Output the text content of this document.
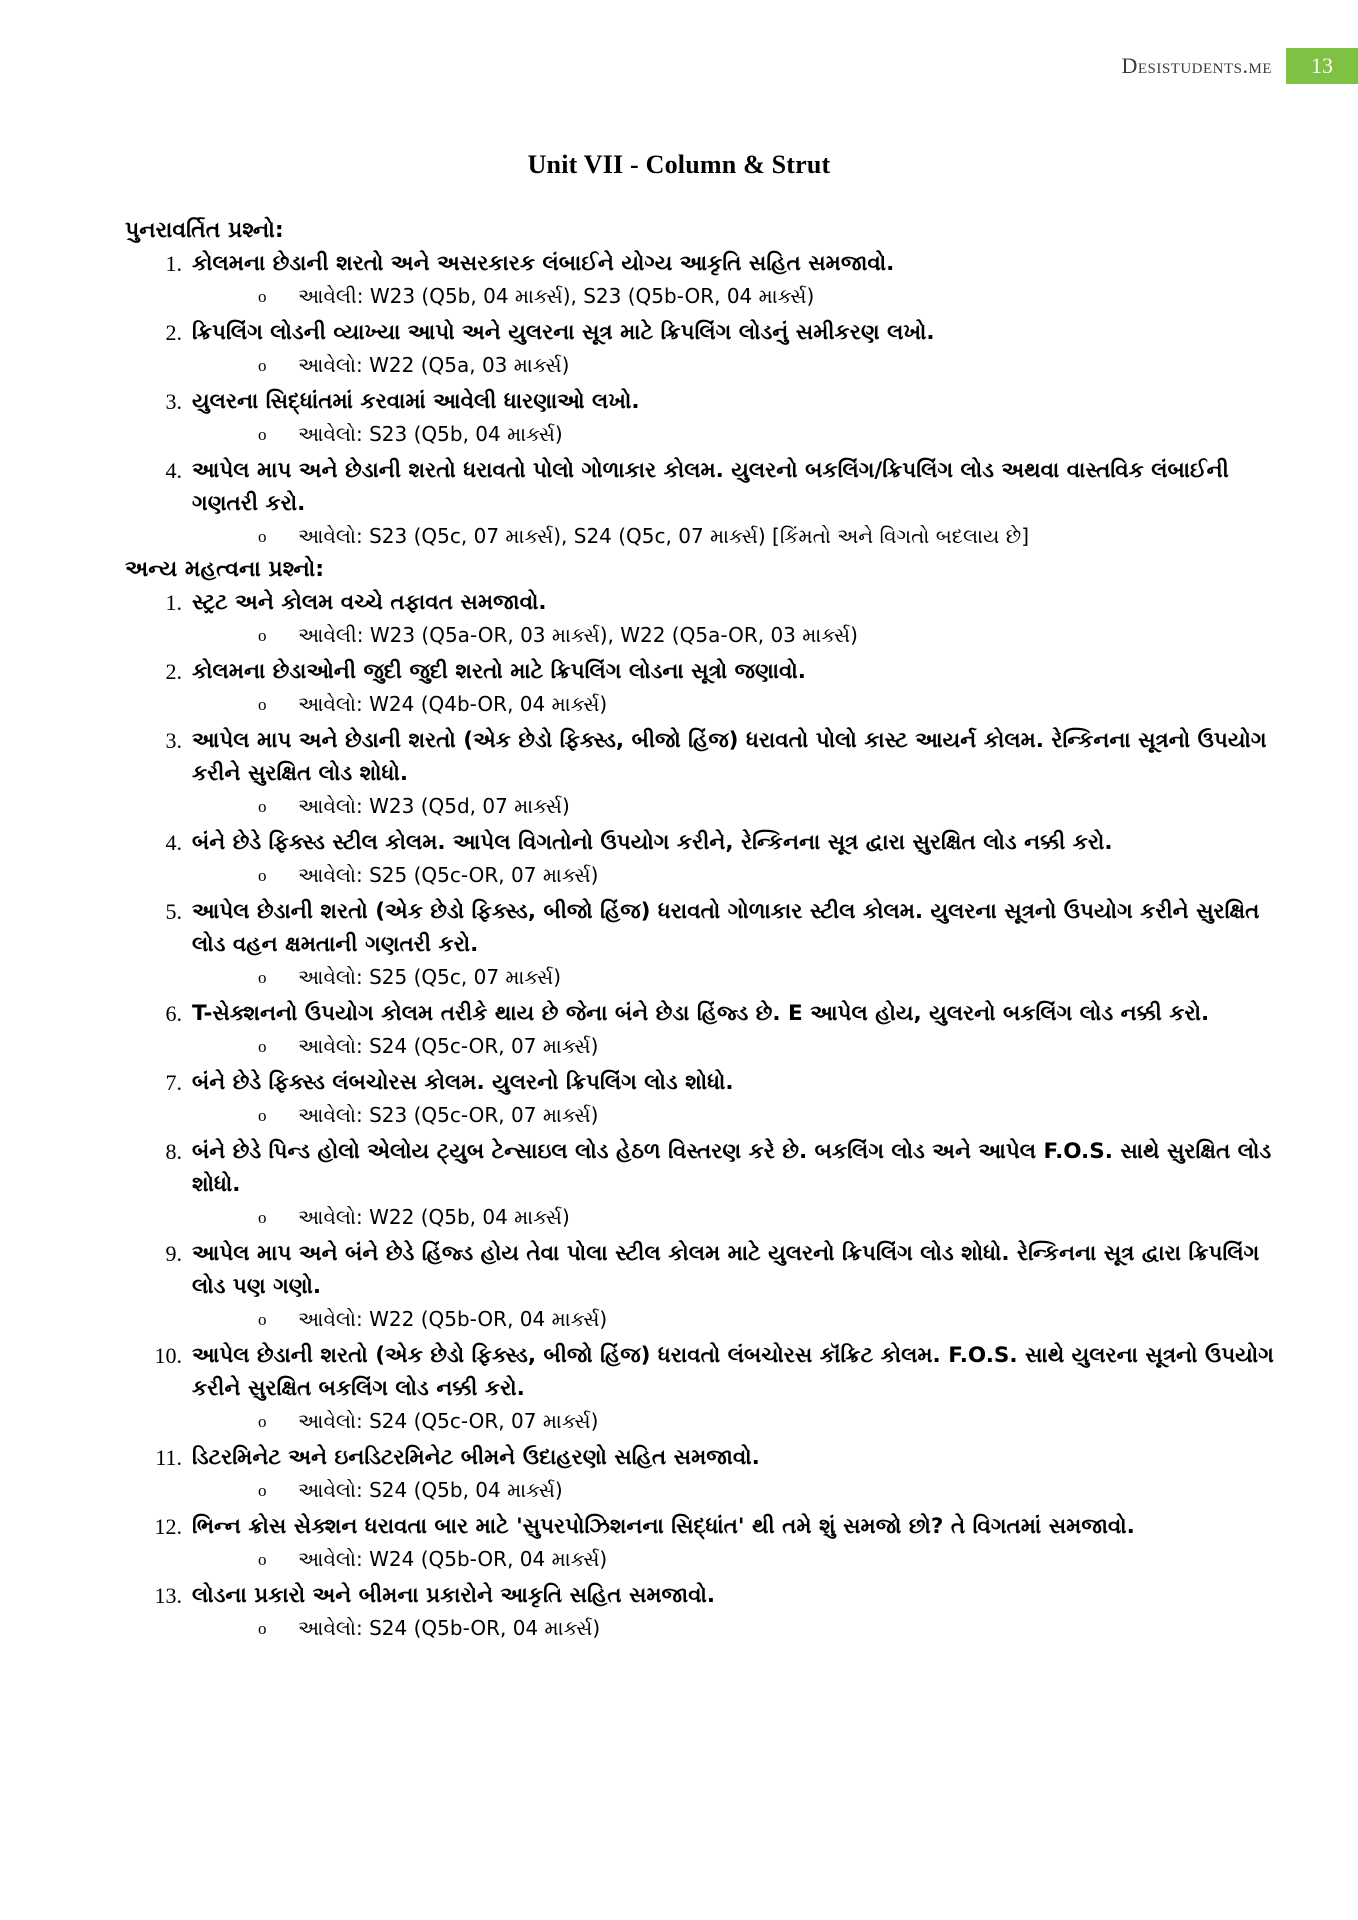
Desistudents.me	13
Unit VII - Column & Strut
પુનરાવર્તિત પ્રશ્નો:
1. કોલમના છેડાની શરતો અને અસરકારક લંબાઈને યોગ્ય આકૃતિ સહિત સમજાવો.
o આવેલી: W23 (Q5b, 04 માર્ક્સ), S23 (Q5b-OR, 04 માર્ક્સ)
2. ક્રિપલિંગ લોડની વ્યાખ્યા આપો અને યુલરના સૂત્ર માટે ક્રિપલિંગ લોડનું સમીકરણ લખો.
o આવેલો: W22 (Q5a, 03 માર્ક્સ)
3. યુલરના સિદ્ધાંતમાં કરવામાં આવેલી ધારણાઓ લખો.
o આવેલો: S23 (Q5b, 04 માર્ક્સ)
4. આપેલ માપ અને છેડાની શરતો ધરાવતો પોલો ગોળાકાર કોલમ. યુલરનો બકલિંગ/ક્રિપલિંગ લોડ અથવા વાસ્તવિક લંબાઈની ગણતરી કરો.
o આવેલો: S23 (Q5c, 07 માર્ક્સ), S24 (Q5c, 07 માર્ક્સ) [કિંમતો અને વિગતો બદલાય છે]
અન્ય મહત્વના પ્રશ્નો:
1. સ્ટ્રટ અને કોલમ વચ્ચે તફાવત સમજાવો.
o આવેલી: W23 (Q5a-OR, 03 માર્ક્સ), W22 (Q5a-OR, 03 માર્ક્સ)
2. કોલમના છેડાઓની જુદી જુદી શરતો માટે ક્રિપલિંગ લોડના સૂત્રો જણાવો.
o આવેલો: W24 (Q4b-OR, 04 માર્ક્સ)
3. આપેલ માપ અને છેડાની શરતો (એક છેડો ફિક્સ્ડ, બીજો હિંજ) ધરાવતો પોલો કાસ્ટ આયર્ન કોલમ. રેન્કિનના સૂત્રનો ઉપયોગ કરીને સુરક્ષિત લોડ શોધો.
o આવેલો: W23 (Q5d, 07 માર્ક્સ)
4. બંને છેડે ફિક્સ્ડ સ્ટીલ કોલમ. આપેલ વિગતોનો ઉપયોગ કરીને, રેન્કિનના સૂત્ર દ્વારા સુરક્ષિત લોડ નક્કી કરો.
o આવેલો: S25 (Q5c-OR, 07 માર્ક્સ)
5. આપેલ છેડાની શરતો (એક છેડો ફિક્સ્ડ, બીજો હિંજ) ધરાવતો ગોળાકાર સ્ટીલ કોલમ. યુલરના સૂત્રનો ઉપયોગ કરીને સુરક્ષિત લોડ વહન ક્ષમતાની ગણતરી કરો.
o આવેલો: S25 (Q5c, 07 માર્ક્સ)
6. T-સેક્શનનો ઉપયોગ કોલમ તરીકે થાય છે જેના બંને છેડા હિંજ્ડ છે. E આપેલ હોય, યુલરનો બકલિંગ લોડ નક્કી કરો.
o આવેલો: S24 (Q5c-OR, 07 માર્ક્સ)
7. બંને છેડે ફિક્સ્ડ લંબચોરસ કોલમ. યુલરનો ક્રિપલિંગ લોડ શોધો.
o આવેલો: S23 (Q5c-OR, 07 માર્ક્સ)
8. બંને છેડે પિન્ડ હોલો એલોય ટ્યુબ ટેન્સાઇલ લોડ હેઠળ વિસ્તરણ કરે છે. બકલિંગ લોડ અને આપેલ F.O.S. સાથે સુરક્ષિત લોડ શોધો.
o આવેલો: W22 (Q5b, 04 માર્ક્સ)
9. આપેલ માપ અને બંને છેડે હિંજ્ડ હોય તેવા પોલા સ્ટીલ કોલમ માટે યુલરનો ક્રિપલિંગ લોડ શોધો. રેન્કિનના સૂત્ર દ્વારા ક્રિપલિંગ લોડ પણ ગણો.
o આવેલો: W22 (Q5b-OR, 04 માર્ક્સ)
10. આપેલ છેડાની શરતો (એક છેડો ફિક્સ્ડ, બીજો હિંજ) ધરાવતો લંબચોરસ કૉંક્રિટ કોલમ. F.O.S. સાથે યુલરના સૂત્રનો ઉપયોગ કરીને સુરક્ષિત બકલિંગ લોડ નક્કી કરો.
o આવેલો: S24 (Q5c-OR, 07 માર્ક્સ)
11. ડિટરમિનેટ અને ઇનડિટરમિનેટ બીમને ઉદાહરણો સહિત સમજાવો.
o આવેલો: S24 (Q5b, 04 માર્ક્સ)
12. ભિન્ન ક્રોસ સેક્શન ધરાવતા બાર માટે 'સુપરપોઝિશનના સિદ્ધાંત' થી તમે શું સમજો છો? તે વિગતમાં સમજાવો.
o આવેલો: W24 (Q5b-OR, 04 માર્ક્સ)
13. લોડના પ્રકારો અને બીમના પ્રકારોને આકૃતિ સહિત સમજાવો.
o આવેલો: S24 (Q5b-OR, 04 માર્ક્સ)
